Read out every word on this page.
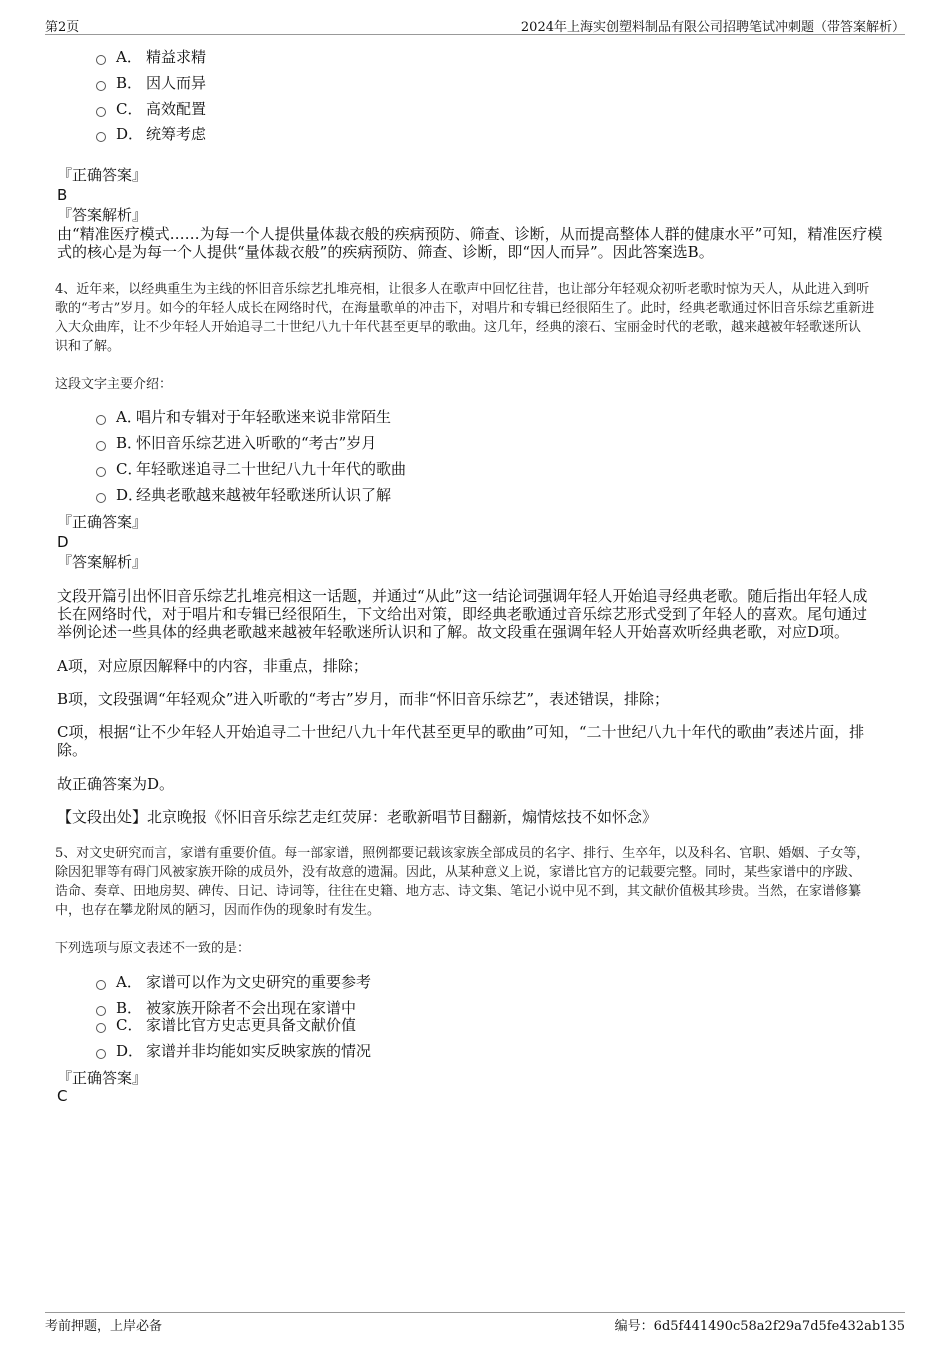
第2页	2024年上海实创塑料制品有限公司招聘笔试冲刺题（带答案解析）
A． 精益求精
B． 因人而异
C． 高效配置
D． 统筹考虑
『正确答案』
B
『答案解析』
由“精准医疗模式……为每一个人提供量体裁衣般的疾病预防、筛查、诊断，从而提高整体人群的健康水平”可知，精准医疗模
式的核心是为每一个人提供“量体裁衣般”的疾病预防、筛查、诊断，即“因人而异”。因此答案选B。
4、近年来，以经典重生为主线的怀旧音乐综艺扎堆亮相，让很多人在歌声中回忆往昔，也让部分年轻观众初听老歌时惊为天人，从此进入到听
歌的“考古”岁月。如今的年轻人成长在网络时代，在海量歌单的冲击下，对唱片和专辑已经很陌生了。此时，经典老歌通过怀旧音乐综艺重新进
入大众曲库，让不少年轻人开始追寻二十世纪八九十年代甚至更早的歌曲。这几年，经典的滚石、宝丽金时代的老歌，越来越被年轻歌迷所认
识和了解。
这段文字主要介绍：
A．唱片和专辑对于年轻歌迷来说非常陌生
B．怀旧音乐综艺进入听歌的“考古”岁月
C．年轻歌迷追寻二十世纪八九十年代的歌曲
D．经典老歌越来越被年轻歌迷所认识了解
『正确答案』
D
『答案解析』
文段开篇引出怀旧音乐综艺扎堆亮相这一话题，并通过“从此”这一结论词强调年轻人开始追寻经典老歌。随后指出年轻人成
长在网络时代，对于唱片和专辑已经很陌生，下文给出对策，即经典老歌通过音乐综艺形式受到了年轻人的喜欢。尾句通过
举例论述一些具体的经典老歌越来越被年轻歌迷所认识和了解。故文段重在强调年轻人开始喜欢听经典老歌，对应D项。
A项，对应原因解释中的内容，非重点，排除；
B项，文段强调“年轻观众”进入听歌的“考古”岁月，而非“怀旧音乐综艺”，表述错误，排除；
C项，根据“让不少年轻人开始追寻二十世纪八九十年代甚至更早的歌曲”可知，“二十世纪八九十年代的歌曲”表述片面，排
除。
故正确答案为D。
【文段出处】北京晚报《怀旧音乐综艺走红荧屏：老歌新唱节目翻新，煽情炫技不如怀念》
5、对文史研究而言，家谱有重要价值。每一部家谱，照例都要记载该家族全部成员的名字、排行、生卒年，以及科名、官职、婚姻、子女等，
除因犯罪等有碍门风被家族开除的成员外，没有故意的遗漏。因此，从某种意义上说，家谱比官方的记载要完整。同时，某些家谱中的序跋、
诰命、奏章、田地房契、碑传、日记、诗词等，往往在史籍、地方志、诗文集、笔记小说中见不到，其文献价值极其珍贵。当然，在家谱修纂
中，也存在攀龙附凤的陋习，因而作伪的现象时有发生。
下列选项与原文表述不一致的是：
A． 家谱可以作为文史研究的重要参考
B． 被家族开除者不会出现在家谱中
C． 家谱比官方史志更具备文献价值
D． 家谱并非均能如实反映家族的情况
『正确答案』
C
考前押题，上岸必备	编号：6d5f441490c58a2f29a7d5fe432ab135
